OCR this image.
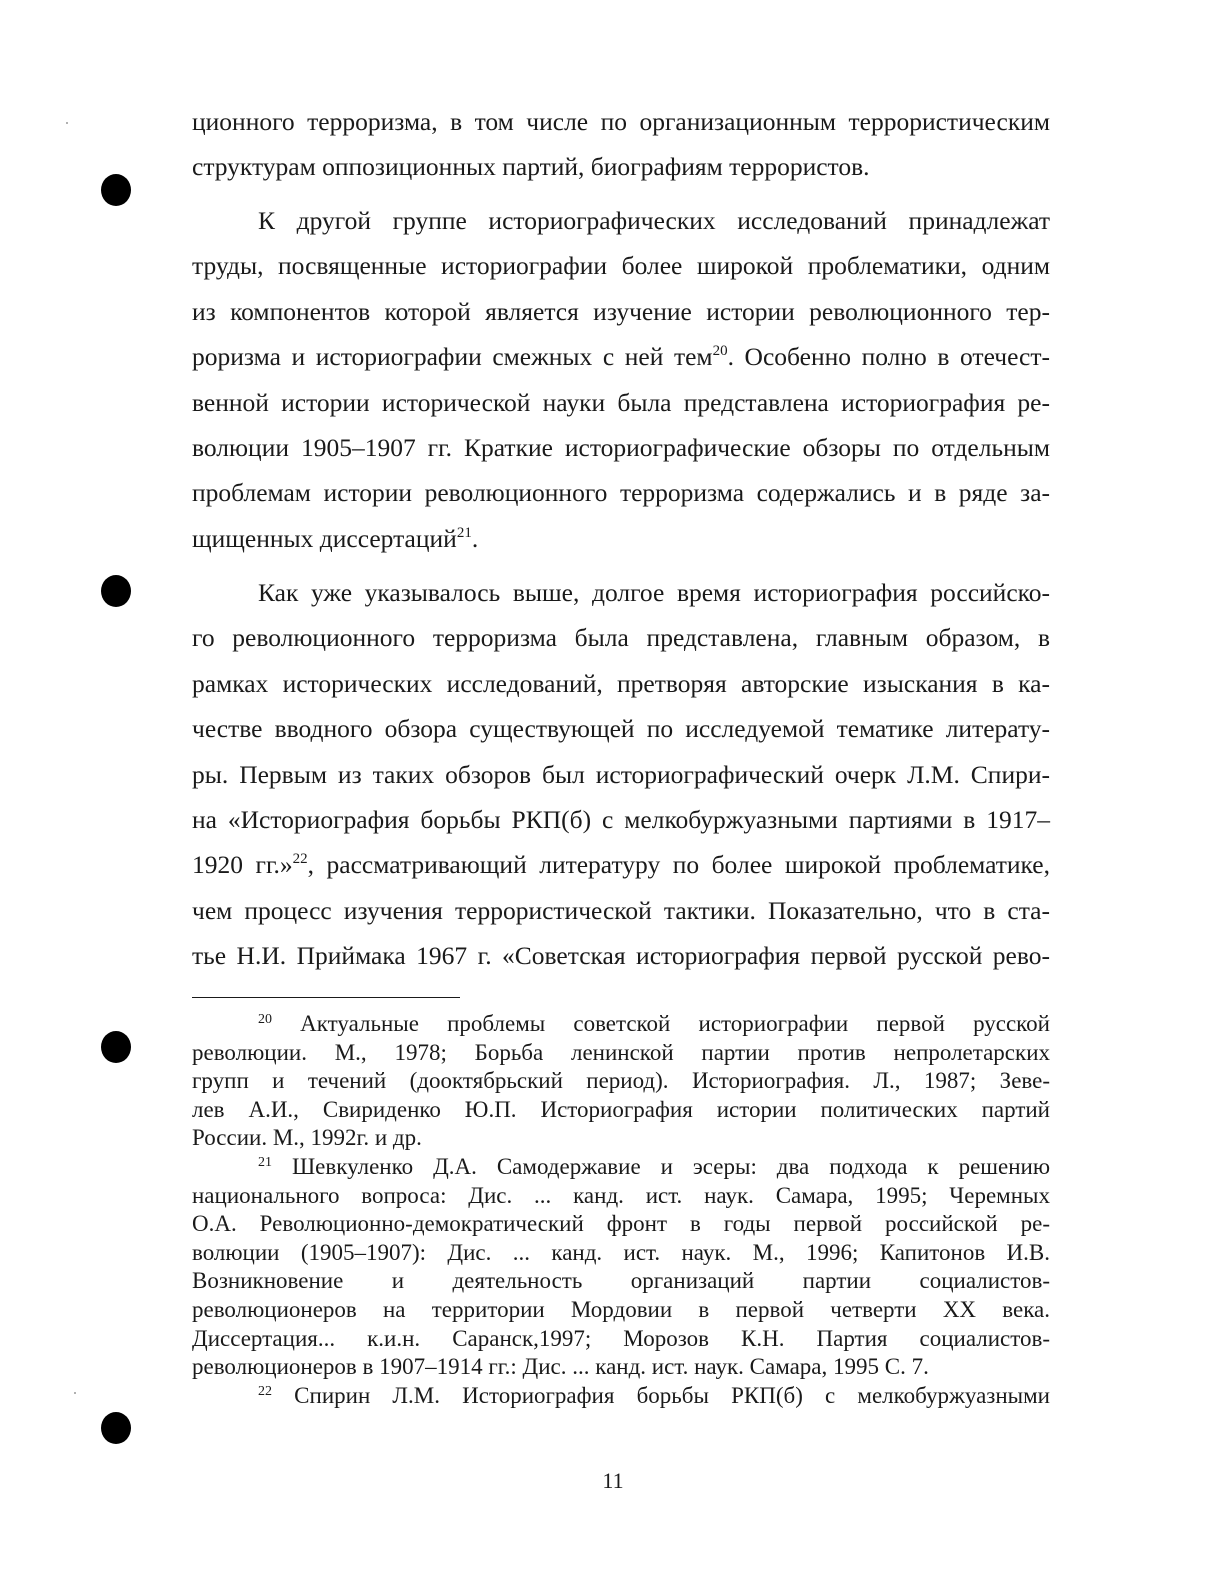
ционного терроризма, в том числе по организационным террористическим
структурам оппозиционных партий, биографиям террористов.
К другой группе историографических исследований принадлежат
труды, посвященные историографии более широкой проблематики, одним
из компонентов которой является изучение истории революционного тер-
роризма и историографии смежных с ней тем$^{20}$. Особенно полно в отечест-
венной истории исторической науки была представлена историография ре-
волюции 1905–1907 гг. Краткие историографические обзоры по отдельным
проблемам истории революционного терроризма содержались и в ряде за-
щищенных диссертаций$^{21}$.
Как уже указывалось выше, долгое время историография российско-
го революционного терроризма была представлена, главным образом, в
рамках исторических исследований, претворяя авторские изыскания в ка-
честве вводного обзора существующей по исследуемой тематике литерату-
ры. Первым из таких обзоров был историографический очерк Л.М. Спири-
на «Историография борьбы РКП(б) с мелкобуржуазными партиями в 1917–
1920 гг.»$^{22}$, рассматривающий литературу по более широкой проблематике,
чем процесс изучения террористической тактики. Показательно, что в ста-
тье Н.И. Приймака 1967 г. «Советская историография первой русской рево-
$^{20}$ Актуальные проблемы советской историографии первой русской
революции. М., 1978; Борьба ленинской партии против непролетарских
групп и течений (дооктябрьский период). Историография. Л., 1987; Зеве-
лев А.И., Свириденко Ю.П. Историография истории политических партий
России. М., 1992г. и др.
$^{21}$ Шевкуленко Д.А. Самодержавие и эсеры: два подхода к решению
национального вопроса: Дис. ... канд. ист. наук. Самара, 1995; Черемных
О.А. Революционно-демократический фронт в годы первой российской ре-
волюции (1905–1907): Дис. ... канд. ист. наук. М., 1996; Капитонов И.В.
Возникновение и деятельность организаций партии социалистов-
революционеров на территории Мордовии в первой четверти XX века.
Диссертация... к.и.н. Саранск,1997; Морозов К.Н. Партия социалистов-
революционеров в 1907–1914 гг.: Дис. ... канд. ист. наук. Самара, 1995 С. 7.
$^{22}$ Спирин Л.М. Историография борьбы РКП(б) с мелкобуржуазными
11
